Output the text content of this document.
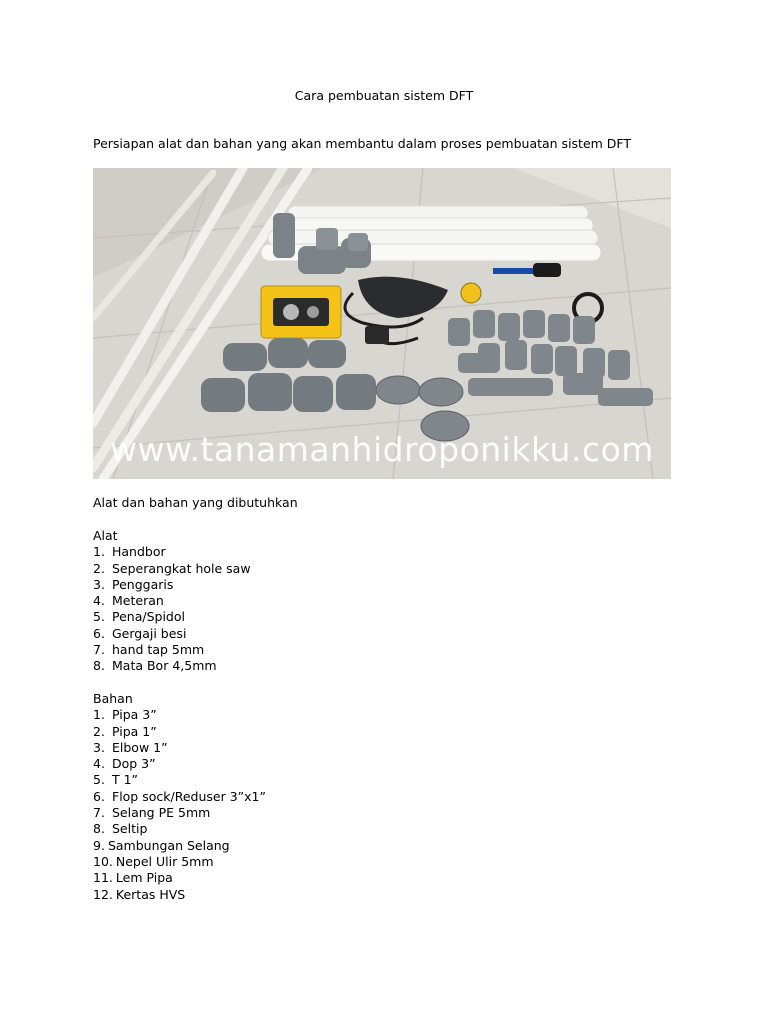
Cara pembuatan sistem DFT
Persiapan alat dan bahan yang akan membantu dalam proses pembuatan sistem DFT
www.tanamanhidroponikku.com
Alat dan bahan yang dibutuhkan
Alat
1. Handbor
2. Seperangkat hole saw
3. Penggaris
4. Meteran
5. Pena/Spidol
6. Gergaji besi
7. hand tap 5mm
8. Mata Bor 4,5mm
Bahan
1. Pipa 3”
2. Pipa 1”
3. Elbow 1”
4. Dop 3”
5. T 1”
6. Flop sock/Reduser 3”x1”
7. Selang PE 5mm
8. Seltip
9. Sambungan Selang
10. Nepel Ulir 5mm
11. Lem Pipa
12. Kertas HVS
